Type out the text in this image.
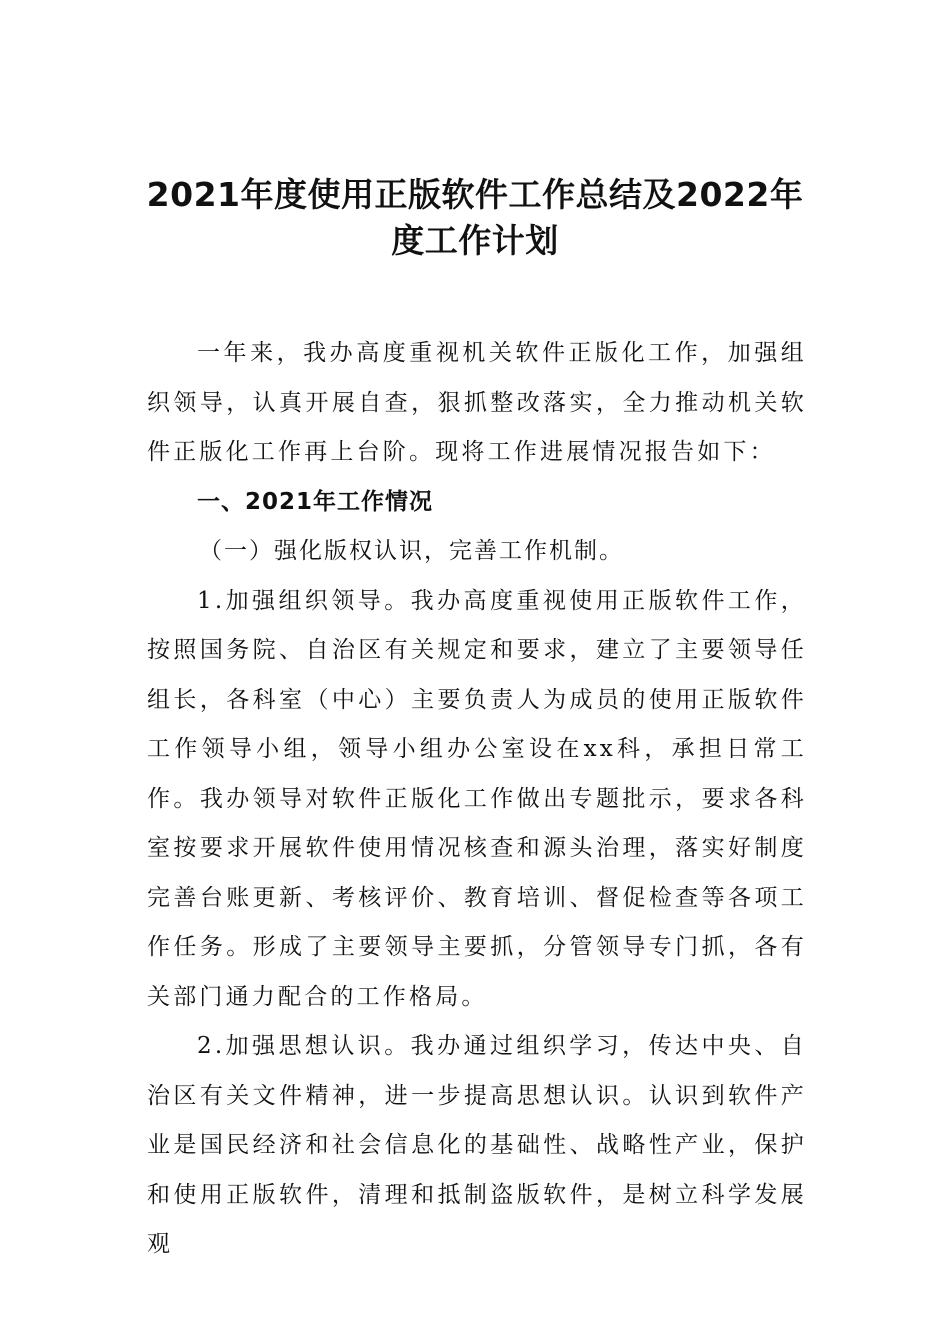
2021年度使用正版软件工作总结及2022年度工作计划

一年来，我办高度重视机关软件正版化工作，加强组织领导，认真开展自查，狠抓整改落实，全力推动机关软件正版化工作再上台阶。现将工作进展情况报告如下：

一、2021年工作情况

（一）强化版权认识，完善工作机制。

1.加强组织领导。我办高度重视使用正版软件工作，按照国务院、自治区有关规定和要求，建立了主要领导任组长，各科室（中心）主要负责人为成员的使用正版软件工作领导小组，领导小组办公室设在xx科，承担日常工作。我办领导对软件正版化工作做出专题批示，要求各科室按要求开展软件使用情况核查和源头治理，落实好制度完善台账更新、考核评价、教育培训、督促检查等各项工作任务。形成了主要领导主要抓，分管领导专门抓，各有关部门通力配合的工作格局。

2.加强思想认识。我办通过组织学习，传达中央、自治区有关文件精神，进一步提高思想认识。认识到软件产业是国民经济和社会信息化的基础性、战略性产业，保护和使用正版软件，清理和抵制盗版软件，是树立科学发展观
